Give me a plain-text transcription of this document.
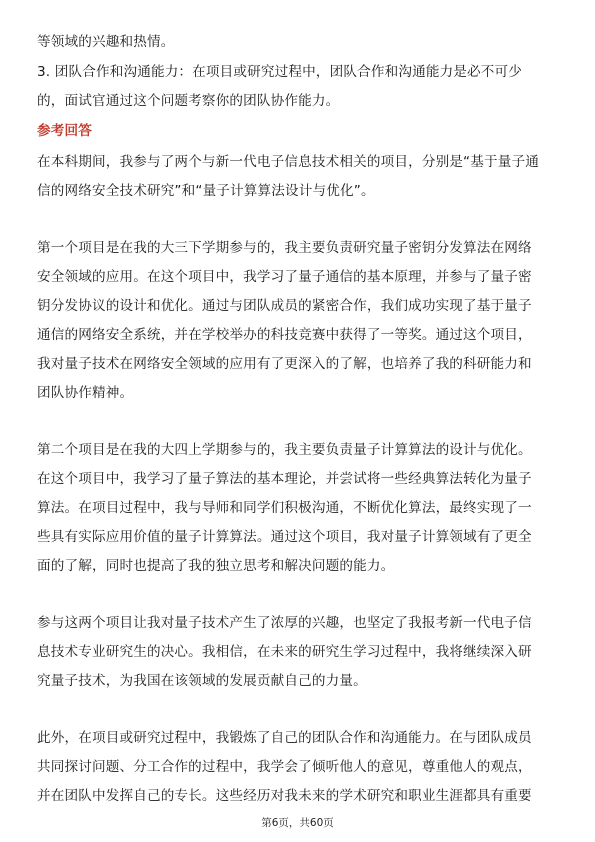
等领域的兴趣和热情。
3. 团队合作和沟通能力：在项目或研究过程中，团队合作和沟通能力是必不可少
的，面试官通过这个问题考察你的团队协作能力。
参考回答
在本科期间，我参与了两个与新一代电子信息技术相关的项目，分别是“基于量子通
信的网络安全技术研究”和“量子计算算法设计与优化”。
第一个项目是在我的大三下学期参与的，我主要负责研究量子密钥分发算法在网络
安全领域的应用。在这个项目中，我学习了量子通信的基本原理，并参与了量子密
钥分发协议的设计和优化。通过与团队成员的紧密合作，我们成功实现了基于量子
通信的网络安全系统，并在学校举办的科技竞赛中获得了一等奖。通过这个项目，
我对量子技术在网络安全领域的应用有了更深入的了解，也培养了我的科研能力和
团队协作精神。
第二个项目是在我的大四上学期参与的，我主要负责量子计算算法的设计与优化。
在这个项目中，我学习了量子算法的基本理论，并尝试将一些经典算法转化为量子
算法。在项目过程中，我与导师和同学们积极沟通，不断优化算法，最终实现了一
些具有实际应用价值的量子计算算法。通过这个项目，我对量子计算领域有了更全
面的了解，同时也提高了我的独立思考和解决问题的能力。
参与这两个项目让我对量子技术产生了浓厚的兴趣，也坚定了我报考新一代电子信
息技术专业研究生的决心。我相信，在未来的研究生学习过程中，我将继续深入研
究量子技术，为我国在该领域的发展贡献自己的力量。
此外，在项目或研究过程中，我锻炼了自己的团队合作和沟通能力。在与团队成员
共同探讨问题、分工合作的过程中，我学会了倾听他人的意见，尊重他人的观点，
并在团队中发挥自己的专长。这些经历对我未来的学术研究和职业生涯都具有重要
第6页，共60页
